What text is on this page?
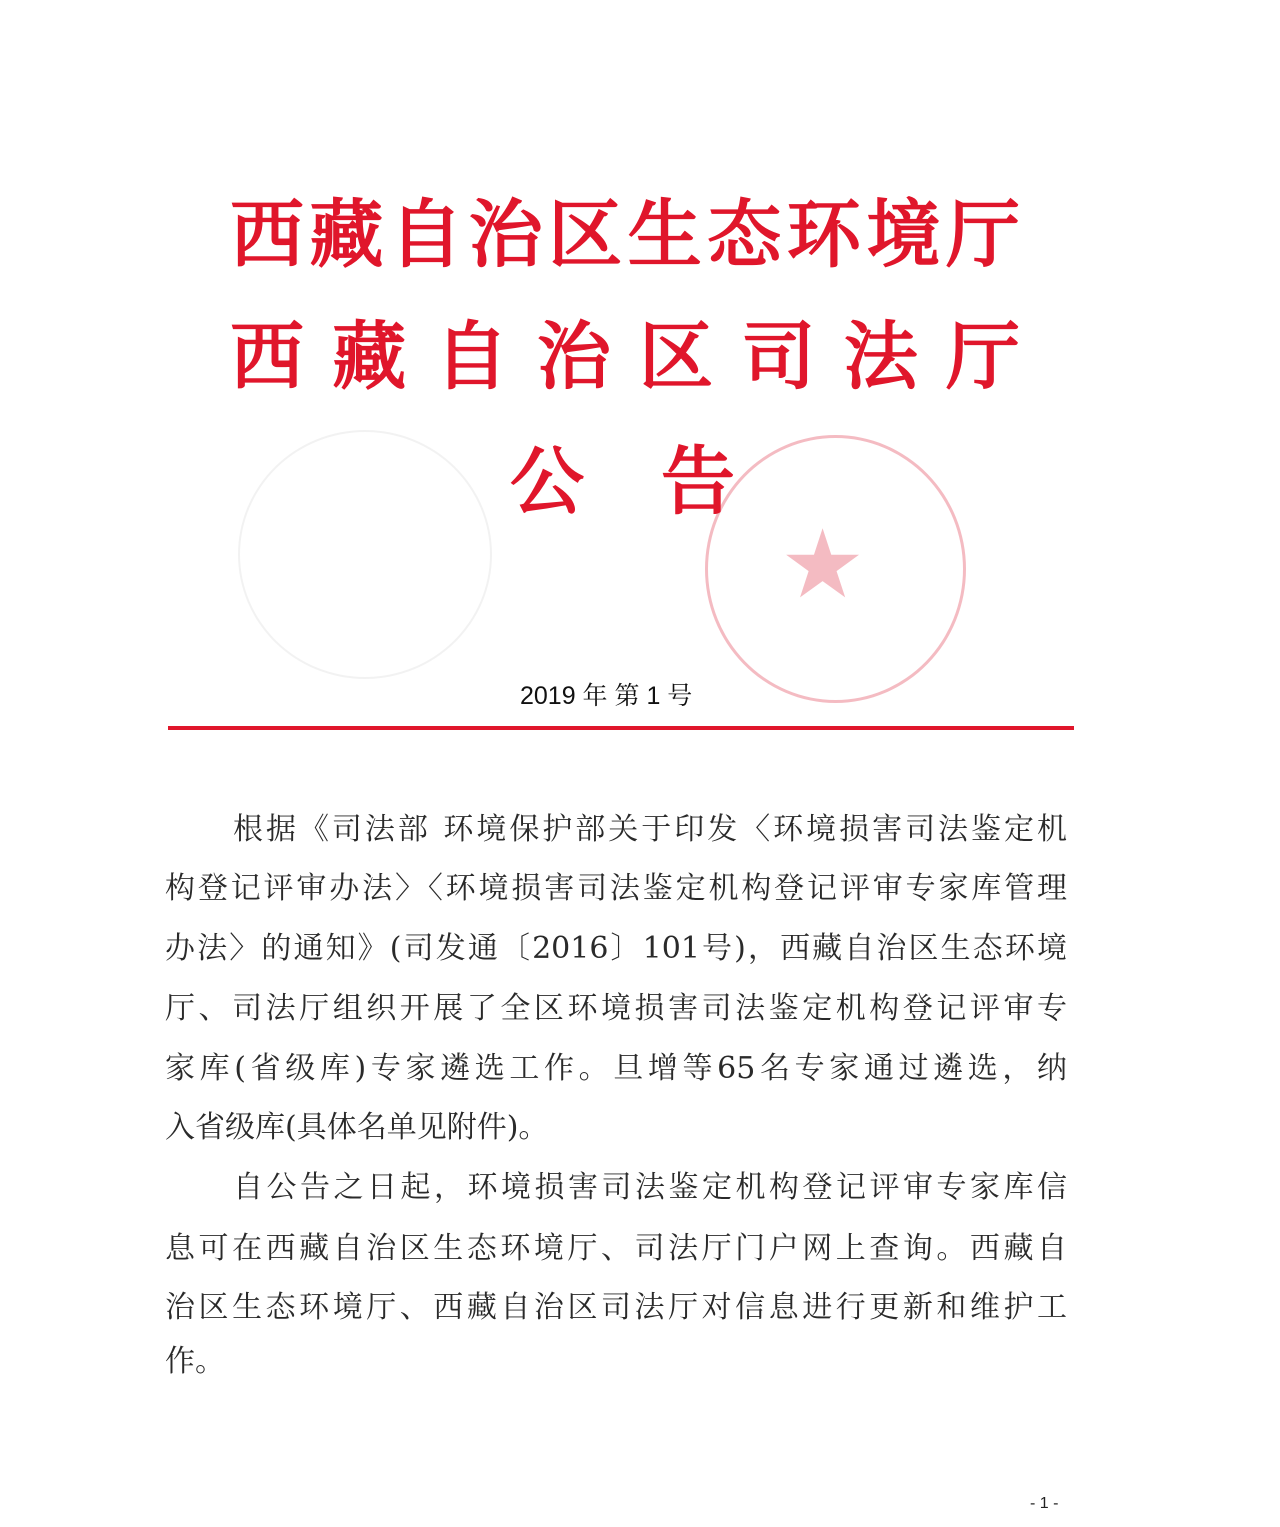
★
西藏自治区生态环境厅
西藏自治区司法厅
公告
2019 年 第 1 号
根据《司法部 环境保护部关于印发〈环境损害司法鉴定机
构登记评审办法〉〈环境损害司法鉴定机构登记评审专家库管理
办法〉的通知》(司发通〔2016〕101号)，西藏自治区生态环境
厅、司法厅组织开展了全区环境损害司法鉴定机构登记评审专
家库(省级库)专家遴选工作。旦增等65名专家通过遴选，纳
入省级库(具体名单见附件)。
自公告之日起，环境损害司法鉴定机构登记评审专家库信
息可在西藏自治区生态环境厅、司法厅门户网上查询。西藏自
治区生态环境厅、西藏自治区司法厅对信息进行更新和维护工
作。
- 1 -
